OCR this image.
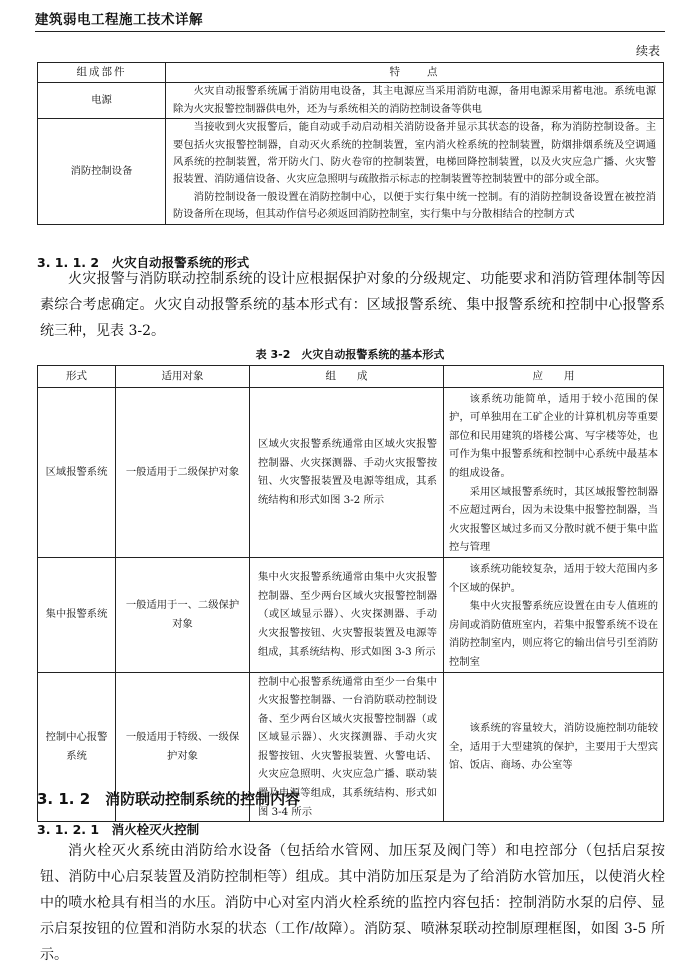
建筑弱电工程施工技术详解
续表
组成部件	特　　点
电源	火灾自动报警系统属于消防用电设备，其主电源应当采用消防电源，备用电源采用蓄电池。系统电源除为火灾报警控制器供电外，还为与系统相关的消防控制设备等供电

消防控制设备	当接收到火灾报警后，能自动或手动启动相关消防设备并显示其状态的设备，称为消防控制设备。主要包括火灾报警控制器，自动灭火系统的控制装置，室内消火栓系统的控制装置，防烟排烟系统及空调通风系统的控制装置，常开防火门、防火卷帘的控制装置，电梯回降控制装置，以及火灾应急广播、火灾警报装置、消防通信设备、火灾应急照明与疏散指示标志的控制装置等控制装置中的部分或全部。
消防控制设备一般设置在消防控制中心，以便于实行集中统一控制。有的消防控制设备设置在被控消防设备所在现场，但其动作信号必须返回消防控制室，实行集中与分散相结合的控制方式
3. 1. 1. 2　火灾自动报警系统的形式
火灾报警与消防联动控制系统的设计应根据保护对象的分级规定、功能要求和消防管理体制等因素综合考虑确定。火灾自动报警系统的基本形式有：区域报警系统、集中报警系统和控制中心报警系统三种，见表 3-2。
表 3-2　火灾自动报警系统的基本形式
形式	适用对象	组　　成	应　　用
区域报警系统	一般适用于二级保护对象	区域火灾报警系统通常由区域火灾报警控制器、火灾探测器、手动火灾报警按钮、火灾警报装置及电源等组成，其系统结构和形式如图 3-2 所示	该系统功能简单，适用于较小范围的保护，可单独用在工矿企业的计算机机房等重要部位和民用建筑的塔楼公寓、写字楼等处，也可作为集中报警系统和控制中心系统中最基本的组成设备。
采用区域报警系统时，其区域报警控制器不应超过两台，因为未设集中报警控制器，当火灾报警区域过多而又分散时就不便于集中监控与管理

集中报警系统	一般适用于一、二级保护对象	集中火灾报警系统通常由集中火灾报警控制器、至少两台区域火灾报警控制器（或区域显示器）、火灾探测器、手动火灾报警按钮、火灾警报装置及电源等组成，其系统结构、形式如图 3-3 所示	该系统功能较复杂，适用于较大范围内多个区域的保护。
集中火灾报警系统应设置在由专人值班的房间或消防值班室内，若集中报警系统不设在消防控制室内，则应将它的输出信号引至消防控制室

控制中心报警系统	一般适用于特级、一级保护对象	控制中心报警系统通常由至少一台集中火灾报警控制器、一台消防联动控制设备、至少两台区域火灾报警控制器（或区域显示器）、火灾探测器、手动火灾报警按钮、火灾警报装置、火警电话、火灾应急照明、火灾应急广播、联动装置及电源等组成，其系统结构、形式如图 3-4 所示	该系统的容量较大，消防设施控制功能较全，适用于大型建筑的保护，主要用于大型宾馆、饭店、商场、办公室等
3. 1. 2　消防联动控制系统的控制内容
3. 1. 2. 1　消火栓灭火控制
消火栓灭火系统由消防给水设备（包括给水管网、加压泵及阀门等）和电控部分（包括启泵按钮、消防中心启泵装置及消防控制柜等）组成。其中消防加压泵是为了给消防水管加压，以使消火栓中的喷水枪具有相当的水压。消防中心对室内消火栓系统的监控内容包括：控制消防水泵的启停、显示启泵按钮的位置和消防水泵的状态（工作/故障）。消防泵、喷淋泵联动控制原理框图，如图 3-5 所示。
